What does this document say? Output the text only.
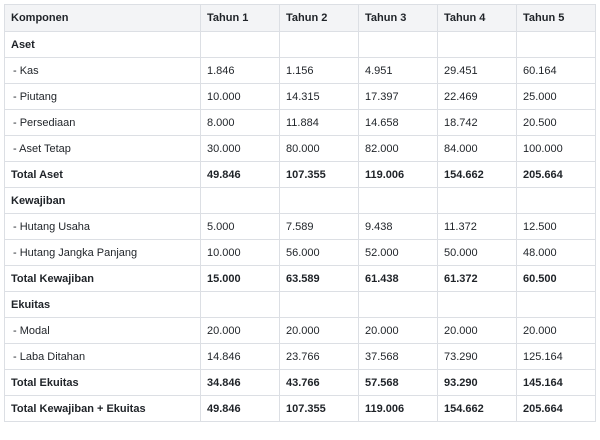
Komponen	Tahun 1	Tahun 2	Tahun 3	Tahun 4	Tahun 5
Aset					
- Kas	1.846	1.156	4.951	29.451	60.164
- Piutang	10.000	14.315	17.397	22.469	25.000
- Persediaan	8.000	11.884	14.658	18.742	20.500
- Aset Tetap	30.000	80.000	82.000	84.000	100.000
Total Aset	49.846	107.355	119.006	154.662	205.664
Kewajiban					
- Hutang Usaha	5.000	7.589	9.438	11.372	12.500
- Hutang Jangka Panjang	10.000	56.000	52.000	50.000	48.000
Total Kewajiban	15.000	63.589	61.438	61.372	60.500
Ekuitas					
- Modal	20.000	20.000	20.000	20.000	20.000
- Laba Ditahan	14.846	23.766	37.568	73.290	125.164
Total Ekuitas	34.846	43.766	57.568	93.290	145.164
Total Kewajiban + Ekuitas	49.846	107.355	119.006	154.662	205.664
